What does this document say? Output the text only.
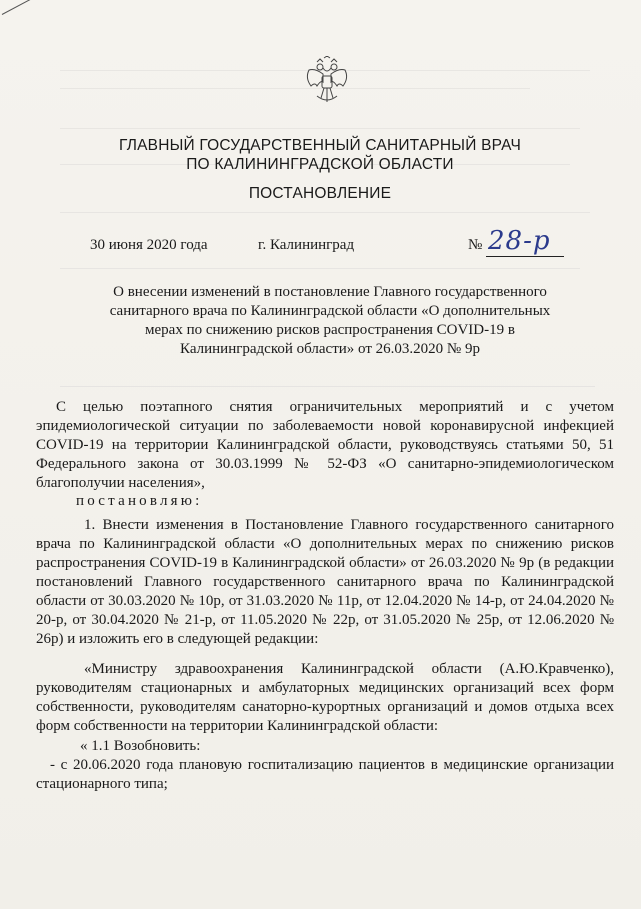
ГЛАВНЫЙ ГОСУДАРСТВЕННЫЙ САНИТАРНЫЙ ВРАЧ
ПО КАЛИНИНГРАДСКОЙ ОБЛАСТИ
ПОСТАНОВЛЕНИЕ
30 июня 2020 года	г. Калининград	№ 28-р
О внесении изменений в постановление Главного государственного санитарного врача по Калининградской области «О дополнительных мерах по снижению рисков распространения COVID-19 в Калининградской области» от 26.03.2020 № 9р
С целью поэтапного снятия ограничительных мероприятий и с учетом эпидемиологической ситуации по заболеваемости новой коронавирусной инфекцией COVID-19 на территории Калининградской области, руководствуясь статьями 50, 51 Федерального закона от 30.03.1999 № 52-ФЗ «О санитарно-эпидемиологическом благополучии населения»,
постановляю:
1. Внести изменения в Постановление Главного государственного санитарного врача по Калининградской области «О дополнительных мерах по снижению рисков распространения COVID-19 в Калининградской области» от 26.03.2020 № 9р (в редакции постановлений Главного государственного санитарного врача по Калининградской области от 30.03.2020 № 10р, от 31.03.2020 № 11р, от 12.04.2020 № 14-р, от 24.04.2020 № 20-р, от 30.04.2020 № 21-р, от 11.05.2020 № 22р, от 31.05.2020 № 25р, от 12.06.2020 № 26р) и изложить его в следующей редакции:
«Министру здравоохранения Калининградской области (А.Ю.Кравченко), руководителям стационарных и амбулаторных медицинских организаций всех форм собственности, руководителям санаторно-курортных организаций и домов отдыха всех форм собственности на территории Калининградской области:
« 1.1 Возобновить:
- с 20.06.2020 года плановую госпитализацию пациентов в медицинские организации стационарного типа;
